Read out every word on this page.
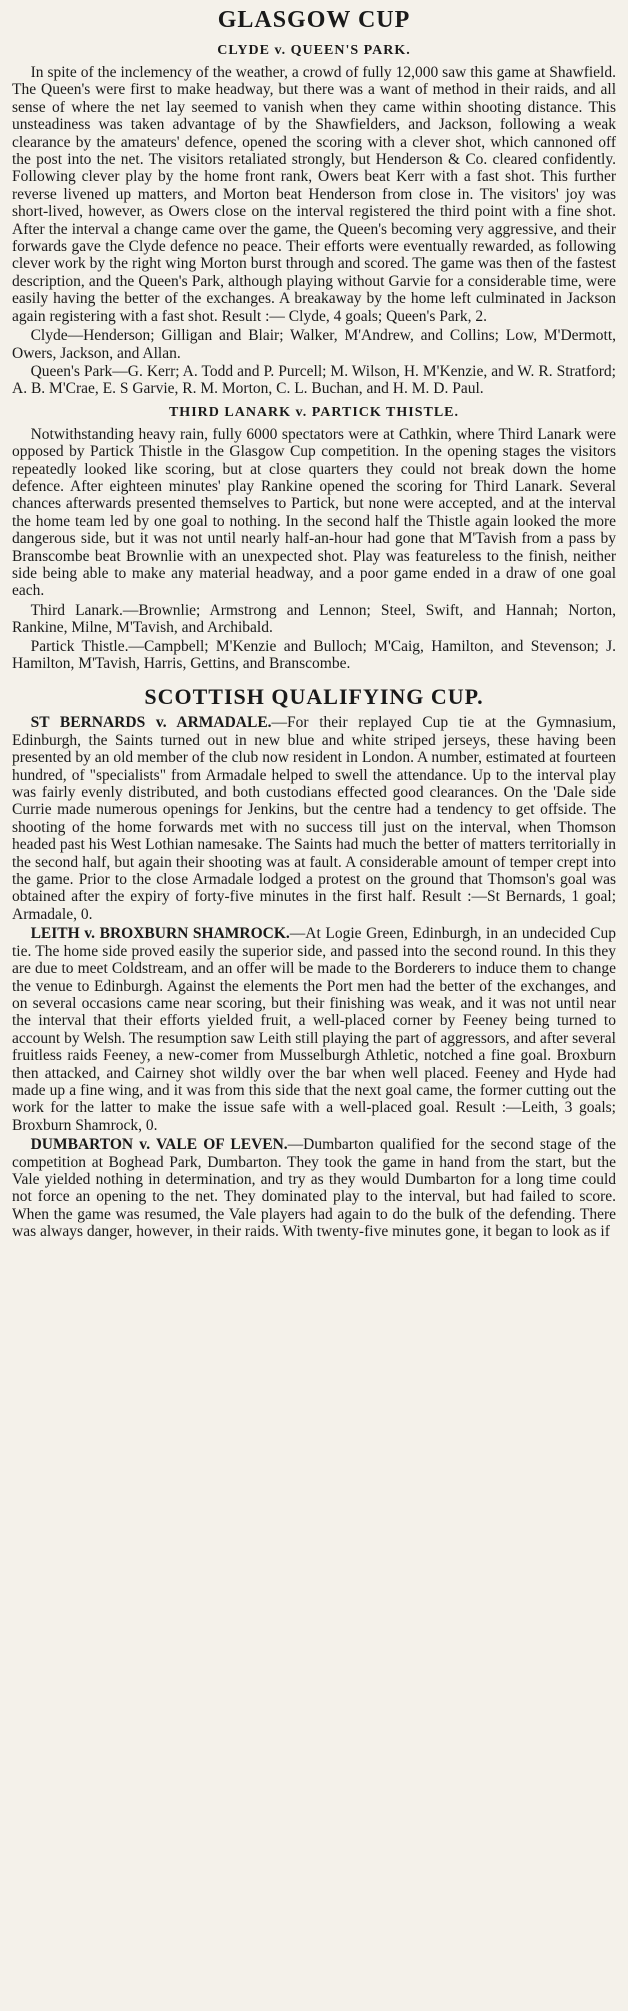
GLASGOW CUP
CLYDE v. QUEEN'S PARK.

In spite of the inclemency of the weather, a crowd of fully 12,000 saw this game at Shawfield. The Queen's were first to make headway, but there was a want of method in their raids, and all sense of where the net lay seemed to vanish when they came within shooting distance. This unsteadiness was taken advantage of by the Shawfielders, and Jackson, following a weak clearance by the amateurs' defence, opened the scoring with a clever shot, which cannoned off the post into the net. The visitors retaliated strongly, but Henderson & Co. cleared confidently. Following clever play by the home front rank, Owers beat Kerr with a fast shot. This further reverse livened up matters, and Morton beat Henderson from close in. The visitors' joy was short-lived, however, as Owers close on the interval registered the third point with a fine shot. After the interval a change came over the game, the Queen's becoming very aggressive, and their forwards gave the Clyde defence no peace. Their efforts were eventually rewarded, as following clever work by the right wing Morton burst through and scored. The game was then of the fastest description, and the Queen's Park, although playing without Garvie for a considerable time, were easily having the better of the exchanges. A breakaway by the home left culminated in Jackson again registering with a fast shot. Result :— Clyde, 4 goals; Queen's Park, 2.

Clyde—Henderson; Gilligan and Blair; Walker, M'Andrew, and Collins; Low, M'Dermott, Owers, Jackson, and Allan.

Queen's Park—G. Kerr; A. Todd and P. Purcell; M. Wilson, H. M'Kenzie, and W. R. Stratford; A. B. M'Crae, E. S Garvie, R. M. Morton, C. L. Buchan, and H. M. D. Paul.

THIRD LANARK v. PARTICK THISTLE.

Notwithstanding heavy rain, fully 6000 spectators were at Cathkin, where Third Lanark were opposed by Partick Thistle in the Glasgow Cup competition. In the opening stages the visitors repeatedly looked like scoring, but at close quarters they could not break down the home defence. After eighteen minutes' play Rankine opened the scoring for Third Lanark. Several chances afterwards presented themselves to Partick, but none were accepted, and at the interval the home team led by one goal to nothing. In the second half the Thistle again looked the more dangerous side, but it was not until nearly half-an-hour had gone that M'Tavish from a pass by Branscombe beat Brownlie with an unexpected shot. Play was featureless to the finish, neither side being able to make any material headway, and a poor game ended in a draw of one goal each.

Third Lanark.—Brownlie; Armstrong and Lennon; Steel, Swift, and Hannah; Norton, Rankine, Milne, M'Tavish, and Archibald.

Partick Thistle.—Campbell; M'Kenzie and Bulloch; M'Caig, Hamilton, and Stevenson; J. Hamilton, M'Tavish, Harris, Gettins, and Branscombe.

SCOTTISH QUALIFYING CUP.

ST BERNARDS v. ARMADALE.—For their replayed Cup tie at the Gymnasium, Edinburgh, the Saints turned out in new blue and white striped jerseys, these having been presented by an old member of the club now resident in London. A number, estimated at fourteen hundred, of "specialists" from Armadale helped to swell the attendance. Up to the interval play was fairly evenly distributed, and both custodians effected good clearances. On the 'Dale side Currie made numerous openings for Jenkins, but the centre had a tendency to get offside. The shooting of the home forwards met with no success till just on the interval, when Thomson headed past his West Lothian namesake. The Saints had much the better of matters territorially in the second half, but again their shooting was at fault. A considerable amount of temper crept into the game. Prior to the close Armadale lodged a protest on the ground that Thomson's goal was obtained after the expiry of forty-five minutes in the first half. Result :—St Bernards, 1 goal; Armadale, 0.

LEITH v. BROXBURN SHAMROCK.—At Logie Green, Edinburgh, in an undecided Cup tie. The home side proved easily the superior side, and passed into the second round. In this they are due to meet Coldstream, and an offer will be made to the Borderers to induce them to change the venue to Edinburgh. Against the elements the Port men had the better of the exchanges, and on several occasions came near scoring, but their finishing was weak, and it was not until near the interval that their efforts yielded fruit, a well-placed corner by Feeney being turned to account by Welsh. The resumption saw Leith still playing the part of aggressors, and after several fruitless raids Feeney, a new-comer from Musselburgh Athletic, notched a fine goal. Broxburn then attacked, and Cairney shot wildly over the bar when well placed. Feeney and Hyde had made up a fine wing, and it was from this side that the next goal came, the former cutting out the work for the latter to make the issue safe with a well-placed goal. Result :—Leith, 3 goals; Broxburn Shamrock, 0.

DUMBARTON v. VALE OF LEVEN.—Dumbarton qualified for the second stage of the competition at Boghead Park, Dumbarton. They took the game in hand from the start, but the Vale yielded nothing in determination, and try as they would Dumbarton for a long time could not force an opening to the net. They dominated play to the interval, but had failed to score. When the game was resumed, the Vale players had again to do the bulk of the defending. There was always danger, however, in their raids. With twenty-five minutes gone, it began to look as if
